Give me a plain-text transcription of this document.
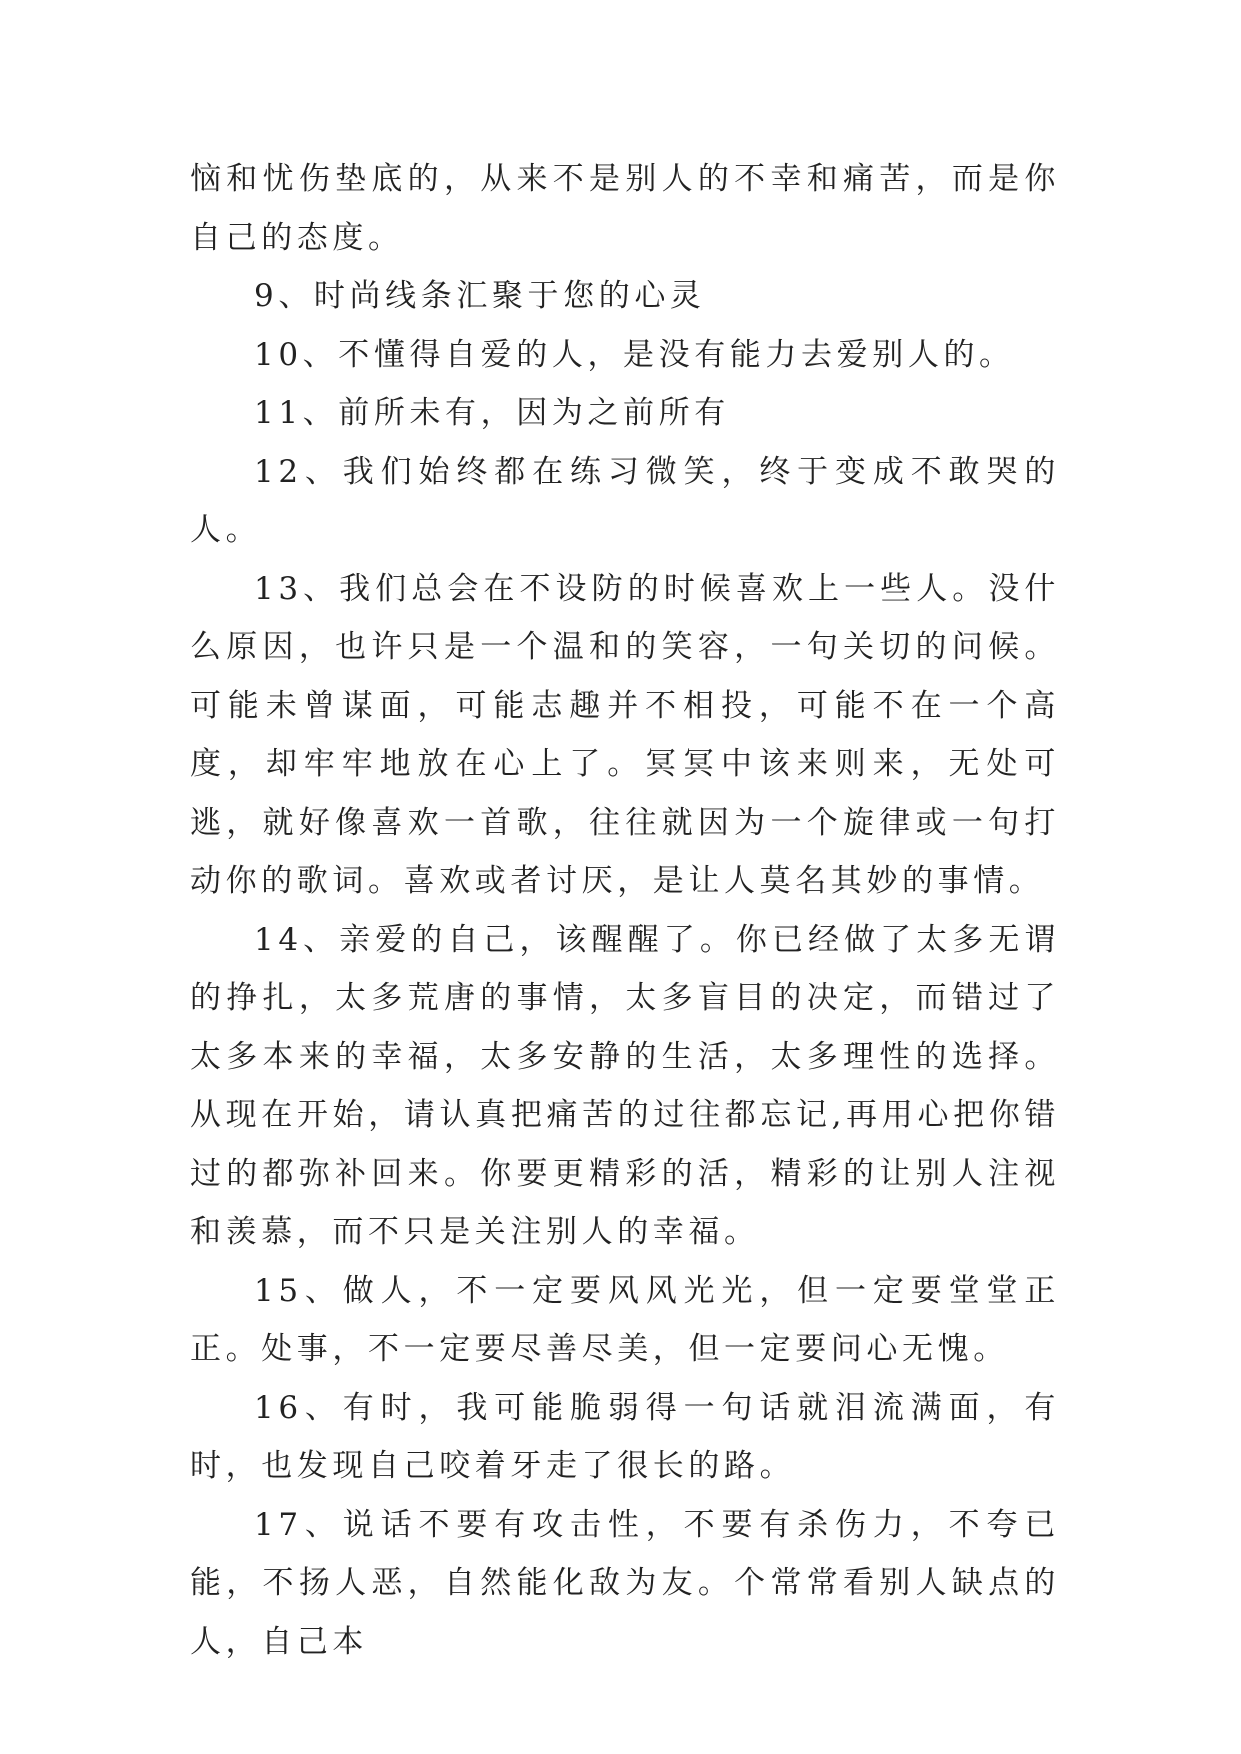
恼和忧伤垫底的，从来不是别人的不幸和痛苦，而是你自己的态度。

9、时尚线条汇聚于您的心灵

10、不懂得自爱的人，是没有能力去爱别人的。

11、前所未有，因为之前所有

12、我们始终都在练习微笑，终于变成不敢哭的人。

13、我们总会在不设防的时候喜欢上一些人。没什么原因，也许只是一个温和的笑容，一句关切的问候。可能未曾谋面，可能志趣并不相投，可能不在一个高度，却牢牢地放在心上了。冥冥中该来则来，无处可逃，就好像喜欢一首歌，往往就因为一个旋律或一句打动你的歌词。喜欢或者讨厌，是让人莫名其妙的事情。

14、亲爱的自己，该醒醒了。你已经做了太多无谓的挣扎，太多荒唐的事情，太多盲目的决定，而错过了太多本来的幸福，太多安静的生活，太多理性的选择。从现在开始，请认真把痛苦的过往都忘记,再用心把你错过的都弥补回来。你要更精彩的活，精彩的让别人注视和羡慕，而不只是关注别人的幸福。

15、做人，不一定要风风光光，但一定要堂堂正正。处事，不一定要尽善尽美，但一定要问心无愧。

16、有时，我可能脆弱得一句话就泪流满面，有时，也发现自己咬着牙走了很长的路。

17、说话不要有攻击性，不要有杀伤力，不夸已能，不扬人恶，自然能化敌为友。个常常看别人缺点的人，自己本
